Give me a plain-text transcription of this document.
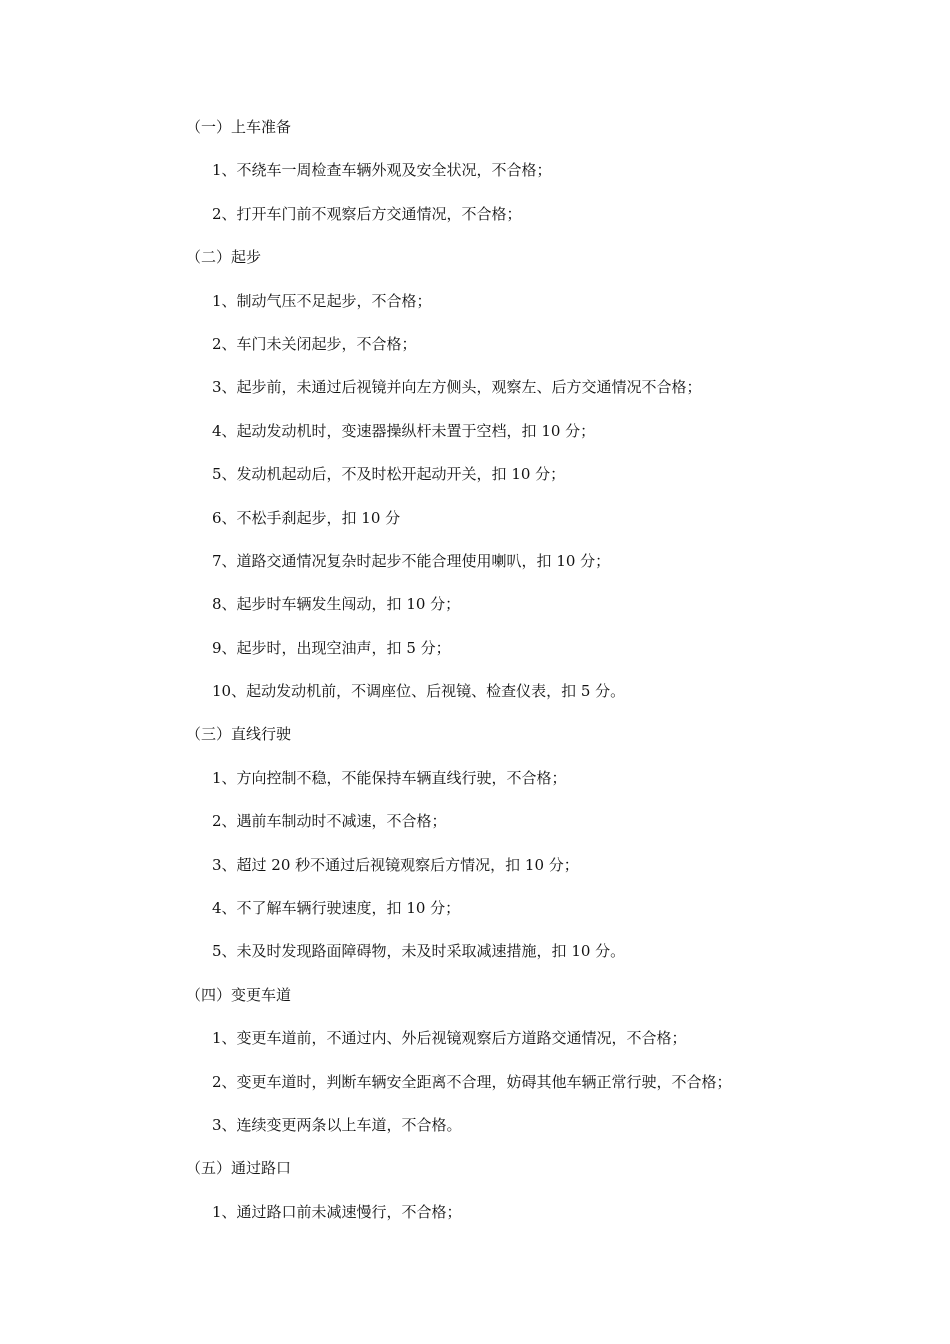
（一）上车准备
1、不绕车一周检查车辆外观及安全状况，不合格；
2、打开车门前不观察后方交通情况，不合格；
（二）起步
1、制动气压不足起步，不合格；
2、车门未关闭起步，不合格；
3、起步前，未通过后视镜并向左方侧头，观察左、后方交通情况不合格；
4、起动发动机时，变速器操纵杆未置于空档，扣 10 分；
5、发动机起动后，不及时松开起动开关，扣 10 分；
6、不松手刹起步，扣 10 分
7、道路交通情况复杂时起步不能合理使用喇叭，扣 10 分；
8、起步时车辆发生闯动，扣 10 分；
9、起步时，出现空油声，扣 5 分；
10、起动发动机前，不调座位、后视镜、检查仪表，扣 5 分。
（三）直线行驶
1、方向控制不稳，不能保持车辆直线行驶，不合格；
2、遇前车制动时不减速，不合格；
3、超过 20 秒不通过后视镜观察后方情况，扣 10 分；
4、不了解车辆行驶速度，扣 10 分；
5、未及时发现路面障碍物，未及时采取减速措施，扣 10 分。
（四）变更车道
1、变更车道前，不通过内、外后视镜观察后方道路交通情况，不合格；
2、变更车道时，判断车辆安全距离不合理，妨碍其他车辆正常行驶，不合格；
3、连续变更两条以上车道，不合格。
（五）通过路口
1、通过路口前未减速慢行，不合格；
